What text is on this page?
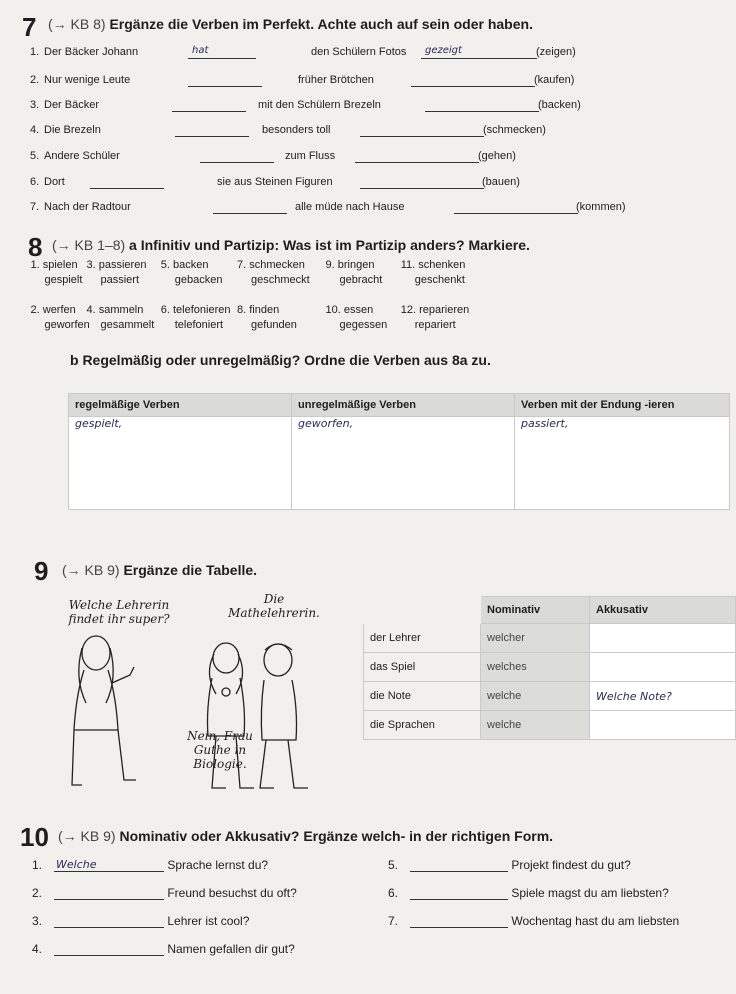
7 (→ KB 8) Ergänze die Verben im Perfekt. Achte auch auf sein oder haben.
1. Der Bäcker Johann	hat	den Schülern Fotos	gezeigt	(zeigen)
2. Nur wenige Leute	früher Brötchen	(kaufen)
3. Der Bäcker	mit den Schülern Brezeln	(backen)
4. Die Brezeln	besonders toll	(schmecken)
5. Andere Schüler	zum Fluss	(gehen)
6. Dort	sie aus Steinen Figuren	(bauen)
7. Nach der Radtour	alle müde nach Hause	(kommen)
8 (→ KB 1–8) a Infinitiv und Partizip: Was ist im Partizip anders? Markiere.
1. spielen
gespielt
3. passieren
passiert
5. backen
gebacken
7. schmecken
geschmeckt
9. bringen
gebracht
11. schenken
geschenkt
2. werfen
geworfen
4. sammeln
gesammelt
6. telefonieren
telefoniert
8. finden
gefunden
10. essen
gegessen
12. reparieren
repariert
b Regelmäßig oder unregelmäßig? Ordne die Verben aus 8a zu.
regelmäßige Verben	unregelmäßige Verben	Verben mit der Endung -ieren
gespielt,	geworfen,	passiert,
9 (→ KB 9) Ergänze die Tabelle.
Welche Lehrerin findet ihr super?
Die Mathelehrerin.
Nein, Frau Guthe in Biologie.
	Nominativ	Akkusativ
der Lehrer	welcher	
das Spiel	welches	
die Note	welche	Welche Note?
die Sprachen	welche	
10 (→ KB 9) Nominativ oder Akkusativ? Ergänze welch- in der richtigen Form.
1. Welche	Sprache lernst du?
2.	Freund besuchst du oft?
3.	Lehrer ist cool?
4.	Namen gefallen dir gut?
5.	Projekt findest du gut?
6.	Spiele magst du am liebsten?
7.	Wochentag hast du am liebsten
